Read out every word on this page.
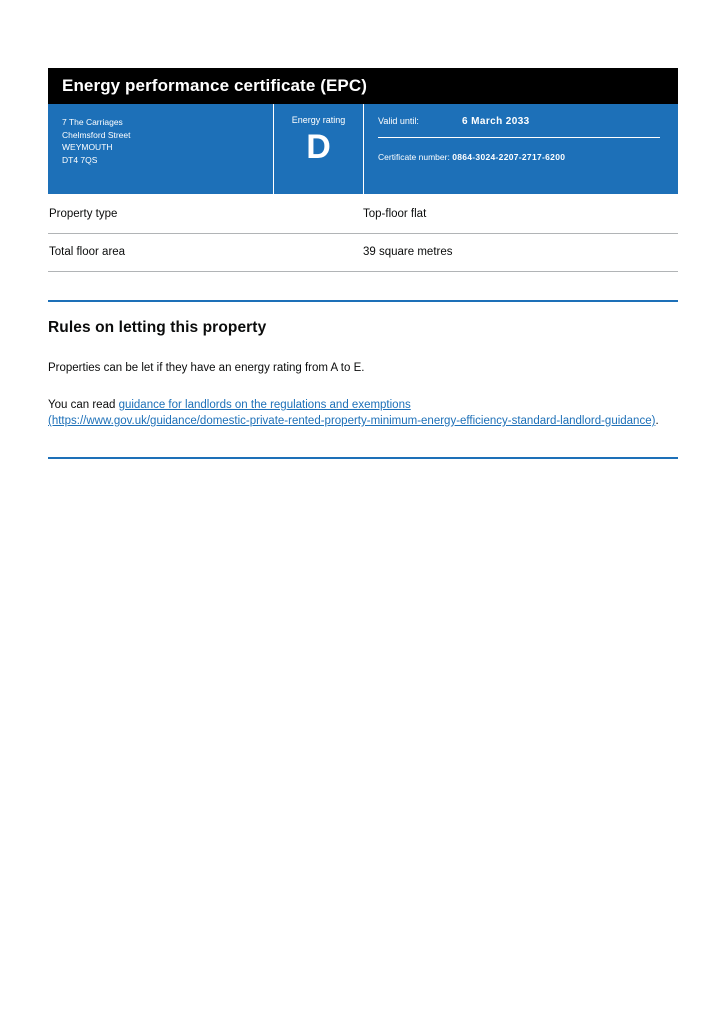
Energy performance certificate (EPC)
7 The Carriages
Chelmsford Street
WEYMOUTH
DT4 7QS
Energy rating
D
Valid until:	6 March 2033
Certificate number: 0864-3024-2207-2717-6200
Property type	Top-floor flat
Total floor area	39 square metres
Rules on letting this property

Properties can be let if they have an energy rating from A to E.

You can read guidance for landlords on the regulations and exemptions
(https://www.gov.uk/guidance/domestic-private-rented-property-minimum-energy-efficiency-standard-landlord-guidance).
